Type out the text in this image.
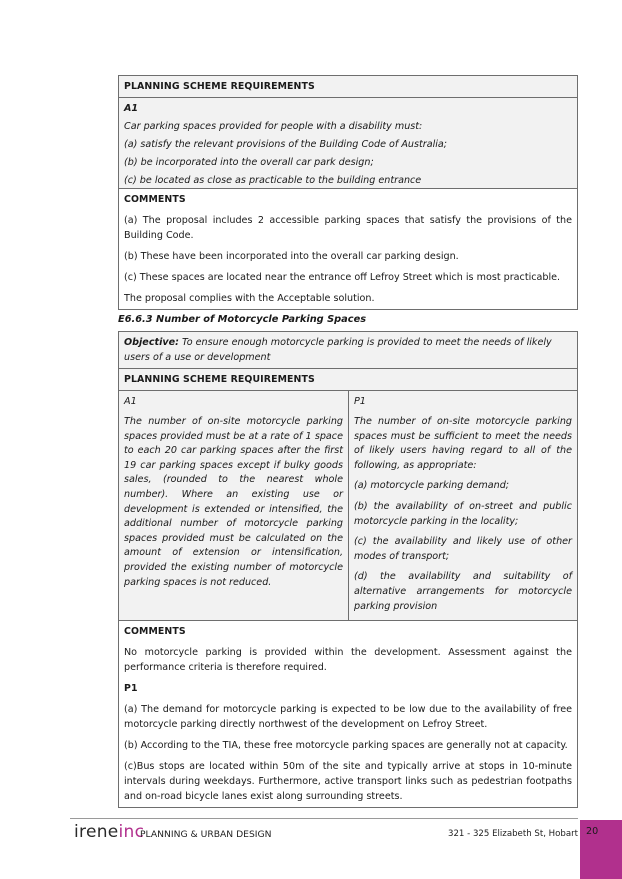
PLANNING SCHEME REQUIREMENTS

A1

Car parking spaces provided for people with a disability must:

(a) satisfy the relevant provisions of the Building Code of Australia;

(b) be incorporated into the overall car park design;

(c) be located as close as practicable to the building entrance

COMMENTS

(a) The proposal includes 2 accessible parking spaces that satisfy the provisions of the Building Code.

(b) These have been incorporated into the overall car parking design.

(c) These spaces are located near the entrance off Lefroy Street which is most practicable.

The proposal complies with the Acceptable solution.

E6.6.3 Number of Motorcycle Parking Spaces

Objective: To ensure enough motorcycle parking is provided to meet the needs of likely users of a use or development

PLANNING SCHEME REQUIREMENTS

A1

The number of on-site motorcycle parking spaces provided must be at a rate of 1 space to each 20 car parking spaces after the first 19 car parking spaces except if bulky goods sales, (rounded to the nearest whole number). Where an existing use or development is extended or intensified, the additional number of motorcycle parking spaces provided must be calculated on the amount of extension or intensification, provided the existing number of motorcycle parking spaces is not reduced.

P1

The number of on-site motorcycle parking spaces must be sufficient to meet the needs of likely users having regard to all of the following, as appropriate:

(a) motorcycle parking demand;

(b) the availability of on-street and public motorcycle parking in the locality;

(c) the availability and likely use of other modes of transport;

(d) the availability and suitability of alternative arrangements for motorcycle parking provision

COMMENTS

No motorcycle parking is provided within the development. Assessment against the performance criteria is therefore required.

P1

(a) The demand for motorcycle parking is expected to be low due to the availability of free motorcycle parking directly northwest of the development on Lefroy Street.

(b) According to the TIA, these free motorcycle parking spaces are generally not at capacity.

(c)Bus stops are located within 50m of the site and typically arrive at stops in 10-minute intervals during weekdays. Furthermore, active transport links such as pedestrian footpaths and on-road bicycle lanes exist along surrounding streets.

ireneinc
PLANNING & URBAN DESIGN	321 - 325 Elizabeth St, Hobart 20
